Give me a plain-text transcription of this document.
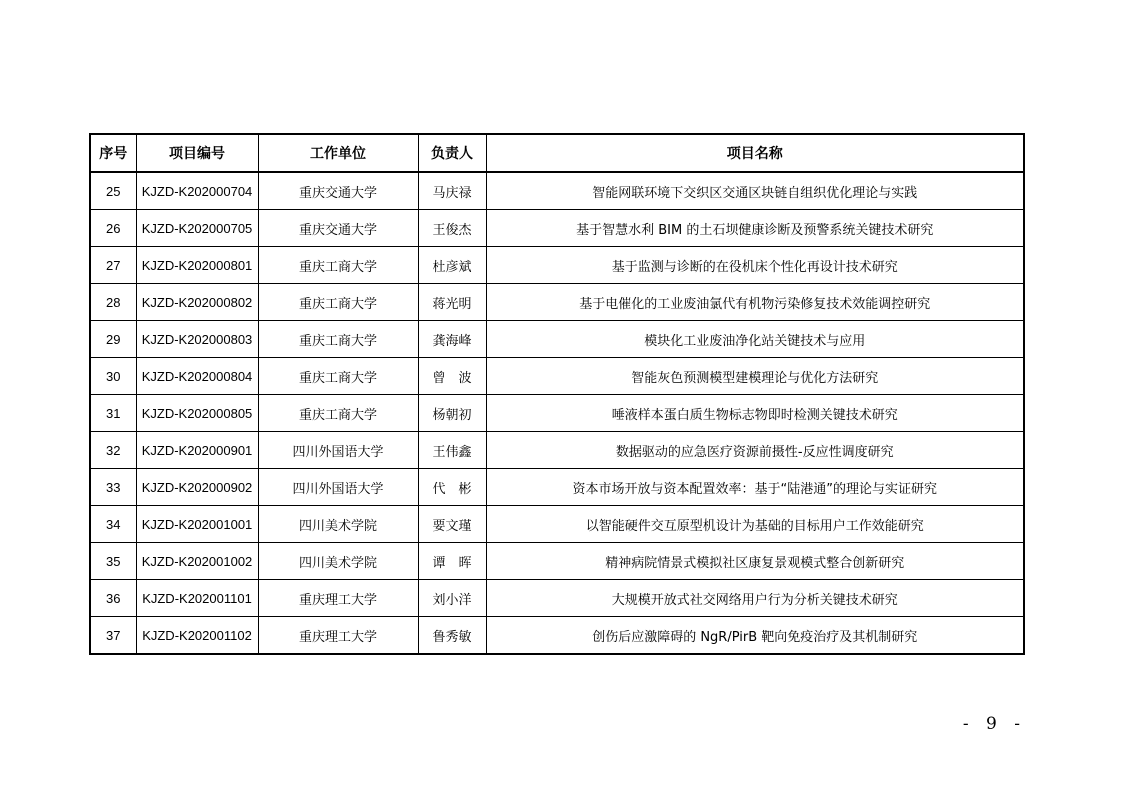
序号	项目编号	工作单位	负责人	项目名称
25	KJZD-K202000704	重庆交通大学	马庆禄	智能网联环境下交织区交通区块链自组织优化理论与实践
26	KJZD-K202000705	重庆交通大学	王俊杰	基于智慧水利 BIM 的土石坝健康诊断及预警系统关键技术研究
27	KJZD-K202000801	重庆工商大学	杜彦斌	基于监测与诊断的在役机床个性化再设计技术研究
28	KJZD-K202000802	重庆工商大学	蒋光明	基于电催化的工业废油氯代有机物污染修复技术效能调控研究
29	KJZD-K202000803	重庆工商大学	龚海峰	模块化工业废油净化站关键技术与应用
30	KJZD-K202000804	重庆工商大学	曾　波	智能灰色预测模型建模理论与优化方法研究
31	KJZD-K202000805	重庆工商大学	杨朝初	唾液样本蛋白质生物标志物即时检测关键技术研究
32	KJZD-K202000901	四川外国语大学	王伟鑫	数据驱动的应急医疗资源前摄性-反应性调度研究
33	KJZD-K202000902	四川外国语大学	代　彬	资本市场开放与资本配置效率：基于“陆港通”的理论与实证研究
34	KJZD-K202001001	四川美术学院	要文瑾	以智能硬件交互原型机设计为基础的目标用户工作效能研究
35	KJZD-K202001002	四川美术学院	谭　晖	精神病院情景式模拟社区康复景观模式整合创新研究
36	KJZD-K202001101	重庆理工大学	刘小洋	大规模开放式社交网络用户行为分析关键技术研究
37	KJZD-K202001102	重庆理工大学	鲁秀敏	创伤后应激障碍的 NgR/PirB 靶向免疫治疗及其机制研究
- 9 -
